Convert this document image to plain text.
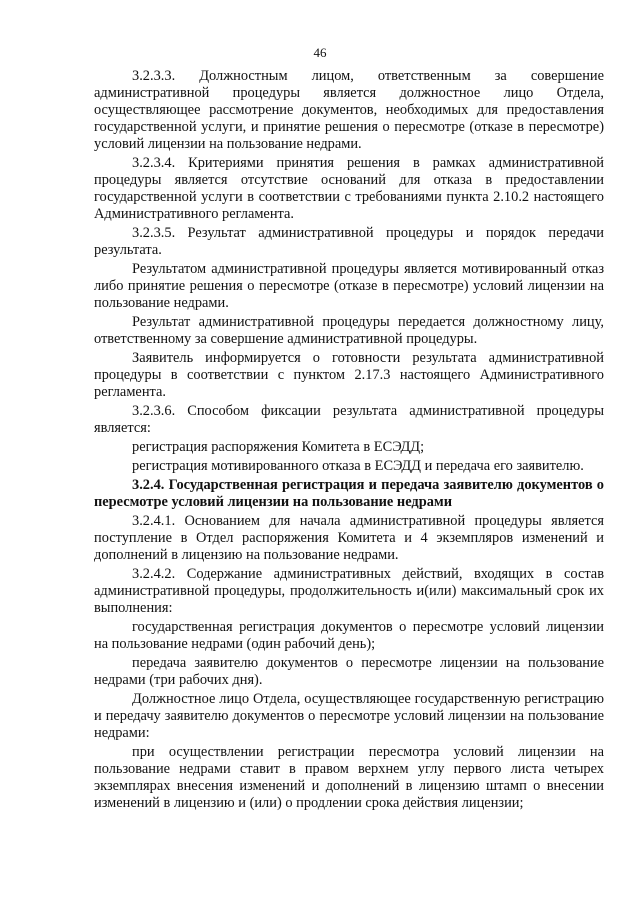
46

3.2.3.3. Должностным лицом, ответственным за совершение административной процедуры является должностное лицо Отдела, осуществляющее рассмотрение документов, необходимых для предоставления государственной услуги, и принятие решения о пересмотре (отказе в пересмотре) условий лицензии на пользование недрами.

3.2.3.4. Критериями принятия решения в рамках административной процедуры является отсутствие оснований для отказа в предоставлении государственной услуги в соответствии с требованиями пункта 2.10.2 настоящего Административного регламента.

3.2.3.5. Результат административной процедуры и порядок передачи результата.

Результатом административной процедуры является мотивированный отказ либо принятие решения о пересмотре (отказе в пересмотре) условий лицензии на пользование недрами.

Результат административной процедуры передается должностному лицу, ответственному за совершение административной процедуры.

Заявитель информируется о готовности результата административной процедуры в соответствии с пунктом 2.17.3 настоящего Административного регламента.

3.2.3.6. Способом фиксации результата административной процедуры является:

регистрация распоряжения Комитета в ЕСЭДД;

регистрация мотивированного отказа в ЕСЭДД и передача его заявителю.

3.2.4. Государственная регистрация и передача заявителю документов о пересмотре условий лицензии на пользование недрами

3.2.4.1. Основанием для начала административной процедуры является поступление в Отдел распоряжения Комитета и 4 экземпляров изменений и дополнений в лицензию на пользование недрами.

3.2.4.2. Содержание административных действий, входящих в состав административной процедуры, продолжительность и(или) максимальный срок их выполнения:

государственная регистрация документов о пересмотре условий лицензии на пользование недрами (один рабочий день);

передача заявителю документов о пересмотре лицензии на пользование недрами (три рабочих дня).

Должностное лицо Отдела, осуществляющее государственную регистрацию и передачу заявителю документов о пересмотре условий лицензии на пользование недрами:

при осуществлении регистрации пересмотра условий лицензии на пользование недрами ставит в правом верхнем углу первого листа четырех экземплярах внесения изменений и дополнений в лицензию штамп о внесении изменений в лицензию и (или) о продлении срока действия лицензии;
